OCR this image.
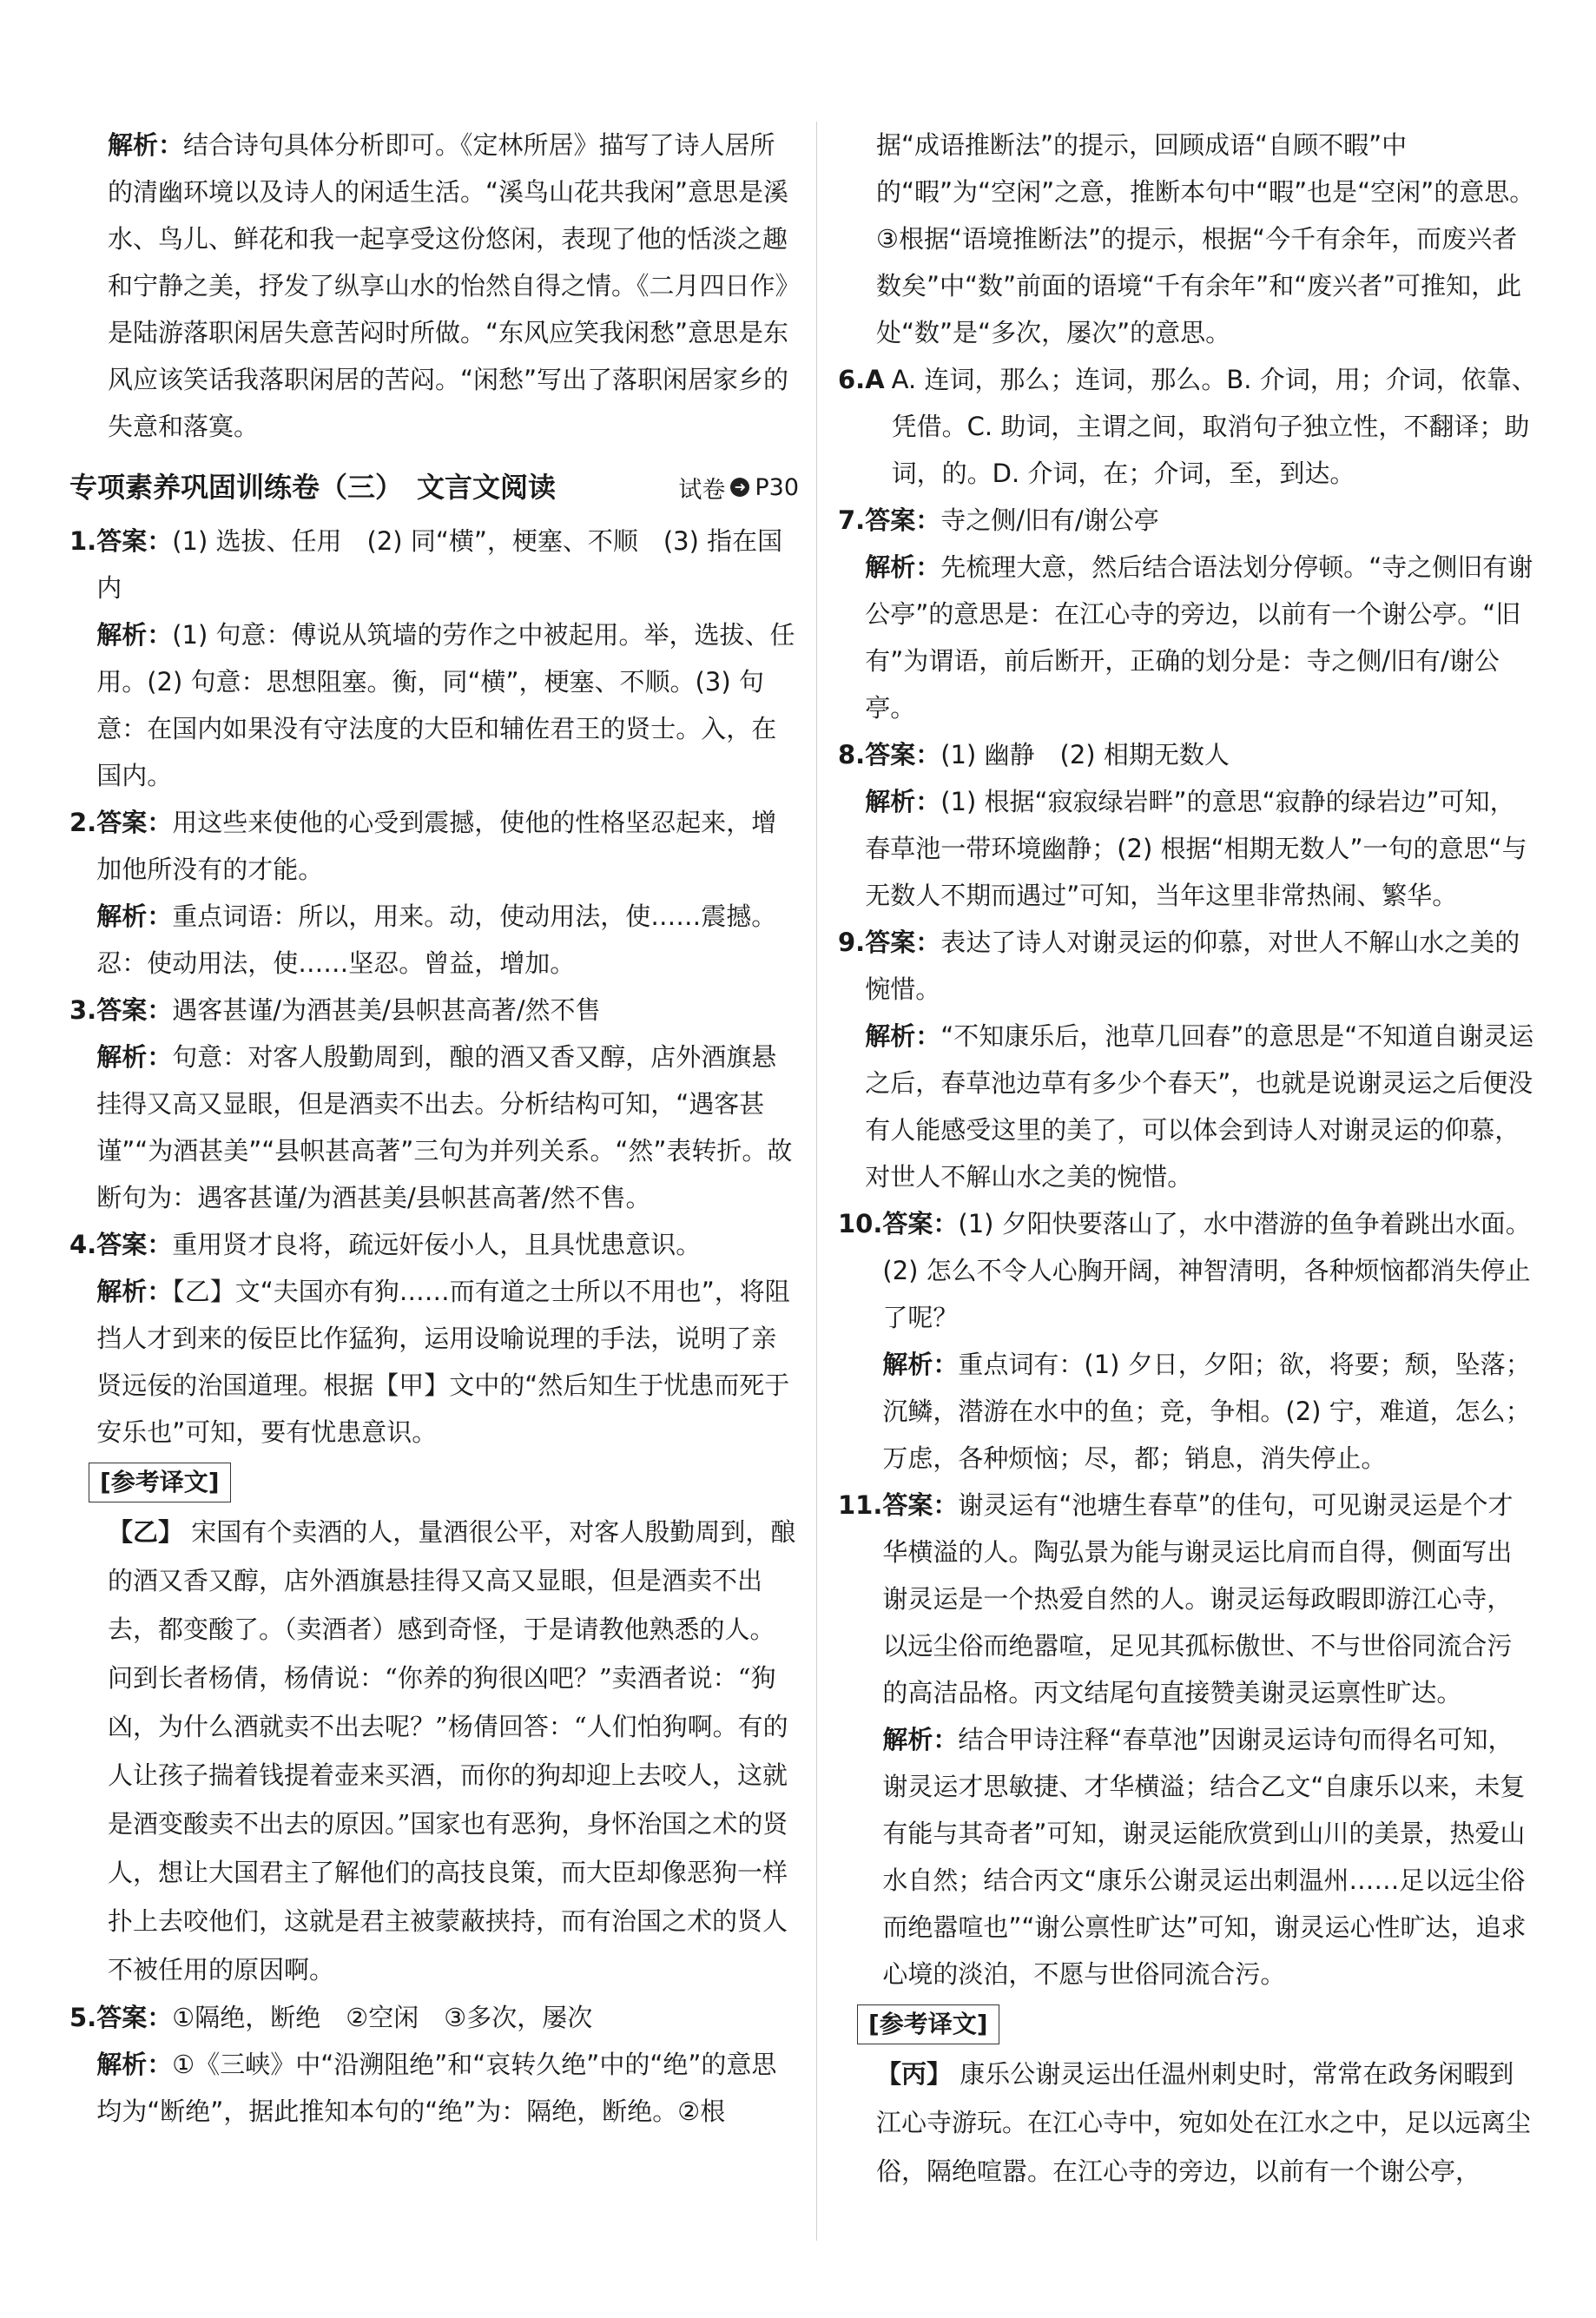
解析：结合诗句具体分析即可。《定林所居》描写了诗人居所的清幽环境以及诗人的闲适生活。“溪鸟山花共我闲”意思是溪水、鸟儿、鲜花和我一起享受这份悠闲，表现了他的恬淡之趣和宁静之美，抒发了纵享山水的怡然自得之情。《二月四日作》是陆游落职闲居失意苦闷时所做。“东风应笑我闲愁”意思是东风应该笑话我落职闲居的苦闷。“闲愁”写出了落职闲居家乡的失意和落寞。

专项素养巩固训练卷（三）　文言文阅读	试卷 ➜ P30
1. 答案：(1) 选拔、任用　(2) 同“横”，梗塞、不顺　(3) 指在国内

解析：(1) 句意：傅说从筑墙的劳作之中被起用。举，选拔、任用。(2) 句意：思想阻塞。衡，同“横”，梗塞、不顺。(3) 句意：在国内如果没有守法度的大臣和辅佐君王的贤士。入，在国内。

2. 答案：用这些来使他的心受到震撼，使他的性格坚忍起来，增加他所没有的才能。

解析：重点词语：所以，用来。动，使动用法，使……震撼。忍：使动用法，使……坚忍。曾益，增加。

3. 答案：遇客甚谨/为酒甚美/县帜甚高著/然不售

解析：句意：对客人殷勤周到，酿的酒又香又醇，店外酒旗悬挂得又高又显眼，但是酒卖不出去。分析结构可知，“遇客甚谨”“为酒甚美”“县帜甚高著”三句为并列关系。“然”表转折。故断句为：遇客甚谨/为酒甚美/县帜甚高著/然不售。

4. 答案：重用贤才良将，疏远奸佞小人，且具忧患意识。

解析：【乙】文“夫国亦有狗……而有道之士所以不用也”，将阻挡人才到来的佞臣比作猛狗，运用设喻说理的手法，说明了亲贤远佞的治国道理。根据【甲】文中的“然后知生于忧患而死于安乐也”可知，要有忧患意识。

[参考译文]

【乙】 宋国有个卖酒的人，量酒很公平，对客人殷勤周到，酿的酒又香又醇，店外酒旗悬挂得又高又显眼，但是酒卖不出去，都变酸了。（卖酒者）感到奇怪，于是请教他熟悉的人。问到长者杨倩，杨倩说：“你养的狗很凶吧？”卖酒者说：“狗凶，为什么酒就卖不出去呢？”杨倩回答：“人们怕狗啊。有的人让孩子揣着钱提着壶来买酒，而你的狗却迎上去咬人，这就是酒变酸卖不出去的原因。”国家也有恶狗，身怀治国之术的贤人，想让大国君主了解他们的高技良策，而大臣却像恶狗一样扑上去咬他们，这就是君主被蒙蔽挟持，而有治国之术的贤人不被任用的原因啊。

5. 答案：①隔绝，断绝　②空闲　③多次，屡次

解析：①《三峡》中“沿溯阻绝”和“哀转久绝”中的“绝”的意思均为“断绝”，据此推知本句的“绝”为：隔绝，断绝。②根

据“成语推断法”的提示，回顾成语“自顾不暇”中的“暇”为“空闲”之意，推断本句中“暇”也是“空闲”的意思。③根据“语境推断法”的提示，根据“今千有余年，而废兴者数矣”中“数”前面的语境“千有余年”和“废兴者”可推知，此处“数”是“多次，屡次”的意思。

6.A A. 连词，那么；连词，那么。B. 介词，用；介词，依靠、凭借。C. 助词，主谓之间，取消句子独立性，不翻译；助词，的。D. 介词，在；介词，至，到达。

7. 答案：寺之侧/旧有/谢公亭

解析：先梳理大意，然后结合语法划分停顿。“寺之侧旧有谢公亭”的意思是：在江心寺的旁边，以前有一个谢公亭。“旧有”为谓语，前后断开，正确的划分是：寺之侧/旧有/谢公亭。

8. 答案：(1) 幽静　(2) 相期无数人

解析：(1) 根据“寂寂绿岩畔”的意思“寂静的绿岩边”可知，春草池一带环境幽静；(2) 根据“相期无数人”一句的意思“与无数人不期而遇过”可知，当年这里非常热闹、繁华。

9. 答案：表达了诗人对谢灵运的仰慕，对世人不解山水之美的惋惜。

解析：“不知康乐后，池草几回春”的意思是“不知道自谢灵运之后，春草池边草有多少个春天”，也就是说谢灵运之后便没有人能感受这里的美了，可以体会到诗人对谢灵运的仰慕，对世人不解山水之美的惋惜。

10. 答案：(1) 夕阳快要落山了，水中潜游的鱼争着跳出水面。

(2) 怎么不令人心胸开阔，神智清明，各种烦恼都消失停止了呢？

解析：重点词有：(1) 夕日，夕阳；欲，将要；颓，坠落；沉鳞，潜游在水中的鱼；竞，争相。(2) 宁，难道，怎么；万虑，各种烦恼；尽，都；销息，消失停止。

11. 答案：谢灵运有“池塘生春草”的佳句，可见谢灵运是个才华横溢的人。陶弘景为能与谢灵运比肩而自得，侧面写出谢灵运是一个热爱自然的人。谢灵运每政暇即游江心寺，以远尘俗而绝嚣喧，足见其孤标傲世、不与世俗同流合污的高洁品格。丙文结尾句直接赞美谢灵运禀性旷达。

解析：结合甲诗注释“春草池”因谢灵运诗句而得名可知，谢灵运才思敏捷、才华横溢；结合乙文“自康乐以来，未复有能与其奇者”可知，谢灵运能欣赏到山川的美景，热爱山水自然；结合丙文“康乐公谢灵运出刺温州……足以远尘俗而绝嚣喧也”“谢公禀性旷达”可知，谢灵运心性旷达，追求心境的淡泊，不愿与世俗同流合污。

[参考译文]

【丙】 康乐公谢灵运出任温州刺史时，常常在政务闲暇到江心寺游玩。在江心寺中，宛如处在江水之中，足以远离尘俗，隔绝喧嚣。在江心寺的旁边，以前有一个谢公亭，
